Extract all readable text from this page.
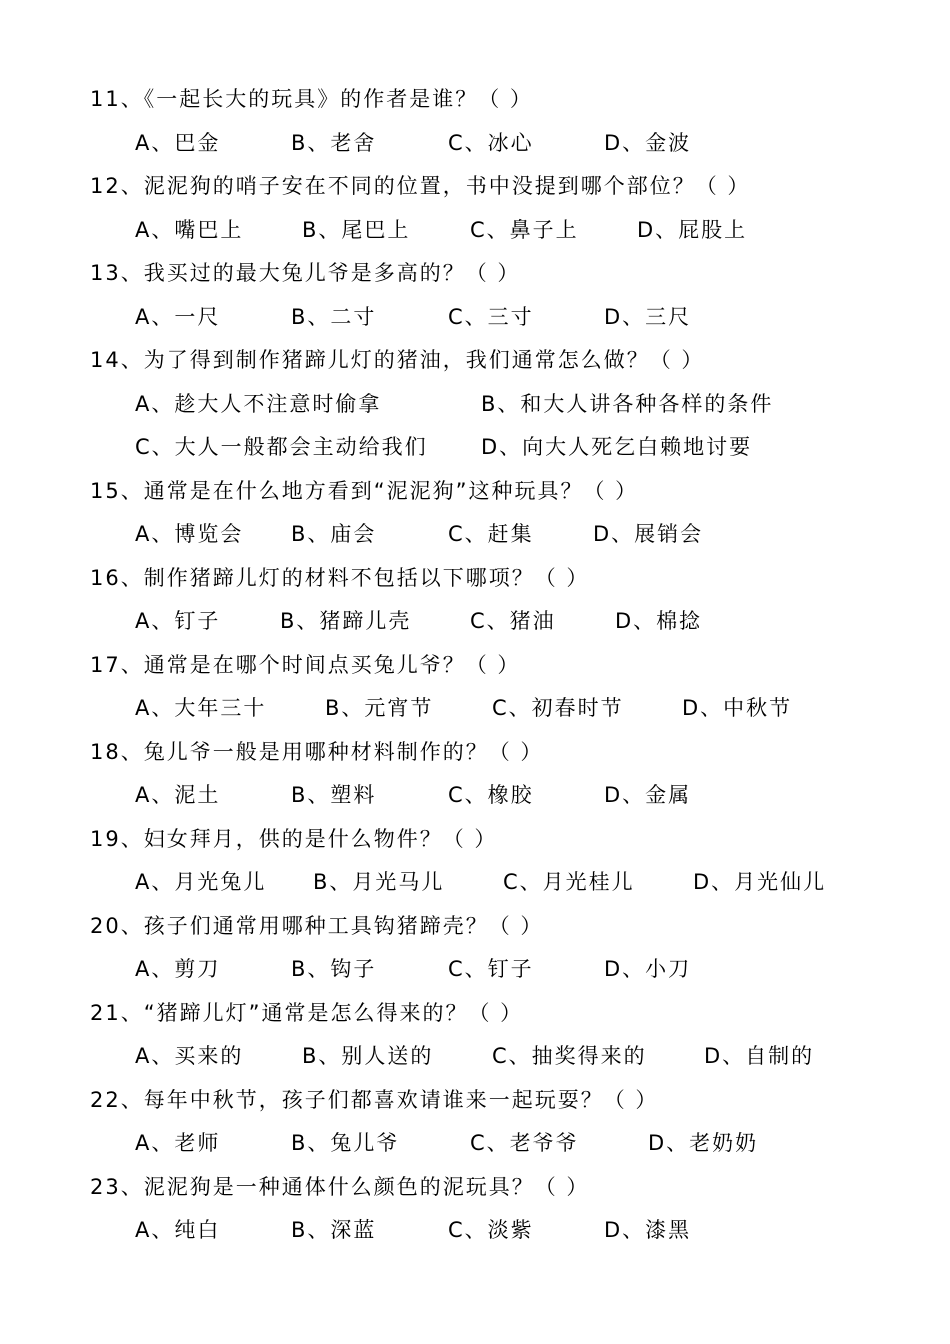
11、《一起长大的玩具》的作者是谁？（ ）
A、巴金	B、老舍	C、冰心	D、金波
12、泥泥狗的哨子安在不同的位置，书中没提到哪个部位？（ ）
A、嘴巴上	B、尾巴上	C、鼻子上	D、屁股上
13、我买过的最大兔儿爷是多高的？（ ）
A、一尺	B、二寸	C、三寸	D、三尺
14、为了得到制作猪蹄儿灯的猪油，我们通常怎么做？（ ）
A、趁大人不注意时偷拿	B、和大人讲各种各样的条件
C、大人一般都会主动给我们	D、向大人死乞白赖地讨要
15、通常是在什么地方看到“泥泥狗”这种玩具？（ ）
A、博览会 B、庙会	C、赶集	D、展销会
16、制作猪蹄儿灯的材料不包括以下哪项？（ ）
A、钉子	B、猪蹄儿壳	C、猪油	D、棉捻
17、通常是在哪个时间点买兔儿爷？（ ）
A、大年三十	B、元宵节	C、初春时节	D、中秋节
18、兔儿爷一般是用哪种材料制作的？（ ）
A、泥土	B、塑料	C、橡胶	D、金属
19、妇女拜月，供的是什么物件？（ ）
A、月光兔儿 B、月光马儿	C、月光桂儿	D、月光仙儿
20、孩子们通常用哪种工具钩猪蹄壳？（ ）
A、剪刀	B、钩子	C、钉子	D、小刀
21、“猪蹄儿灯”通常是怎么得来的？（ ）
A、买来的	B、别人送的	C、抽奖得来的	D、自制的
22、每年中秋节，孩子们都喜欢请谁来一起玩耍？（ ）
A、老师	B、兔儿爷	C、老爷爷	D、老奶奶
23、泥泥狗是一种通体什么颜色的泥玩具？（ ）
A、纯白	B、深蓝	C、淡紫	D、漆黑
